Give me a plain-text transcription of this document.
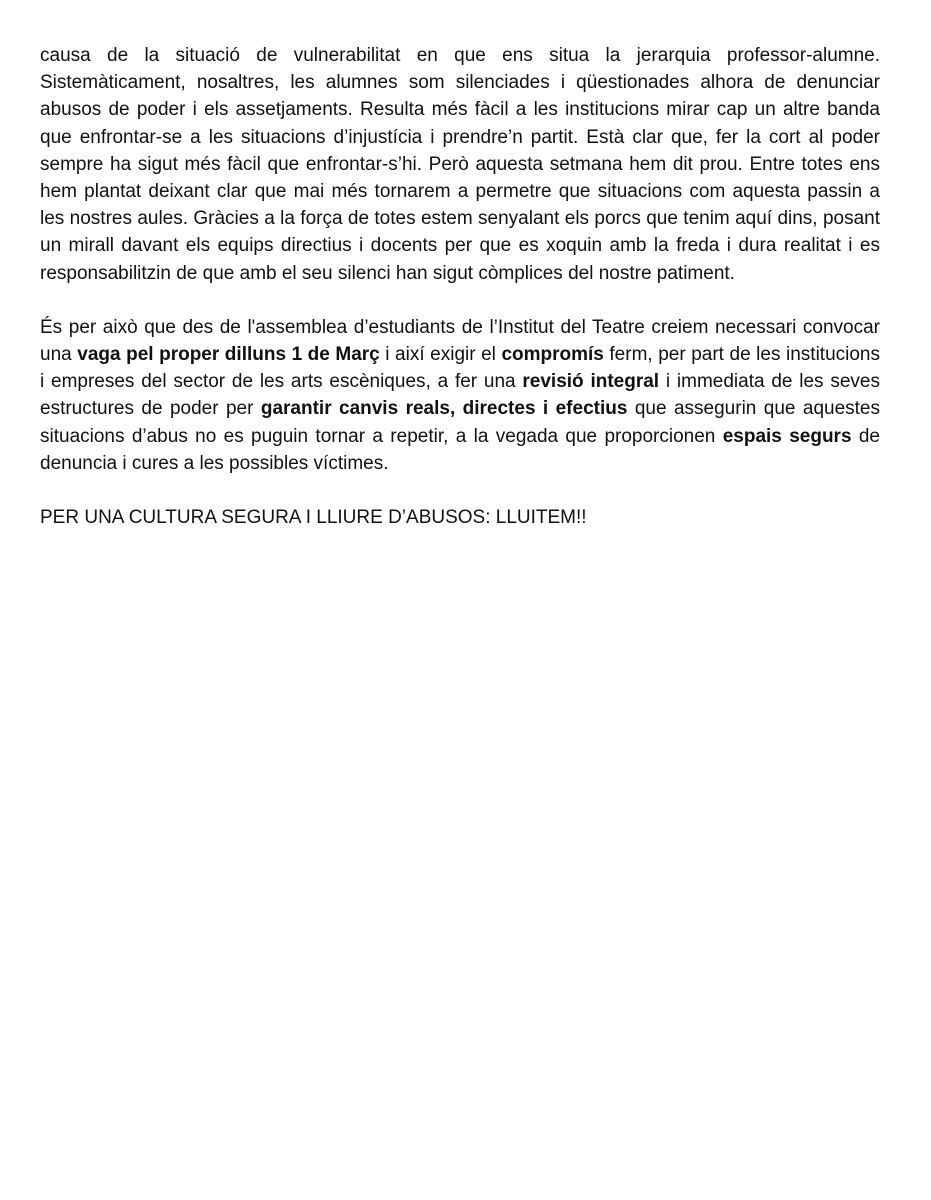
causa de la situació de vulnerabilitat en que ens situa la jerarquia professor-alumne. Sistemàticament, nosaltres, les alumnes som silenciades i qüestionades alhora de denunciar abusos de poder i els assetjaments. Resulta més fàcil a les institucions mirar cap un altre banda que enfrontar-se a les situacions d’injustícia i prendre’n partit. Està clar que, fer la cort al poder sempre ha sigut més fàcil que enfrontar-s’hi. Però aquesta setmana hem dit prou. Entre totes ens hem plantat deixant clar que mai més tornarem a permetre que situacions com aquesta passin a les nostres aules. Gràcies a la força de totes estem senyalant els porcs que tenim aquí dins, posant un mirall davant els equips directius i docents per que es xoquin amb la freda i dura realitat i es responsabilitzin de que amb el seu silenci han sigut còmplices del nostre patiment.

És per això que des de l'assemblea d’estudiants de l’Institut del Teatre creiem necessari convocar una vaga pel proper dilluns 1 de Març i així exigir el compromís ferm, per part de les institucions i empreses del sector de les arts escèniques, a fer una revisió integral i immediata de les seves estructures de poder per garantir canvis reals, directes i efectius que assegurin que aquestes situacions d’abus no es puguin tornar a repetir, a la vegada que proporcionen espais segurs de denuncia i cures a les possibles víctimes.

PER UNA CULTURA SEGURA I LLIURE D’ABUSOS: LLUITEM!!
